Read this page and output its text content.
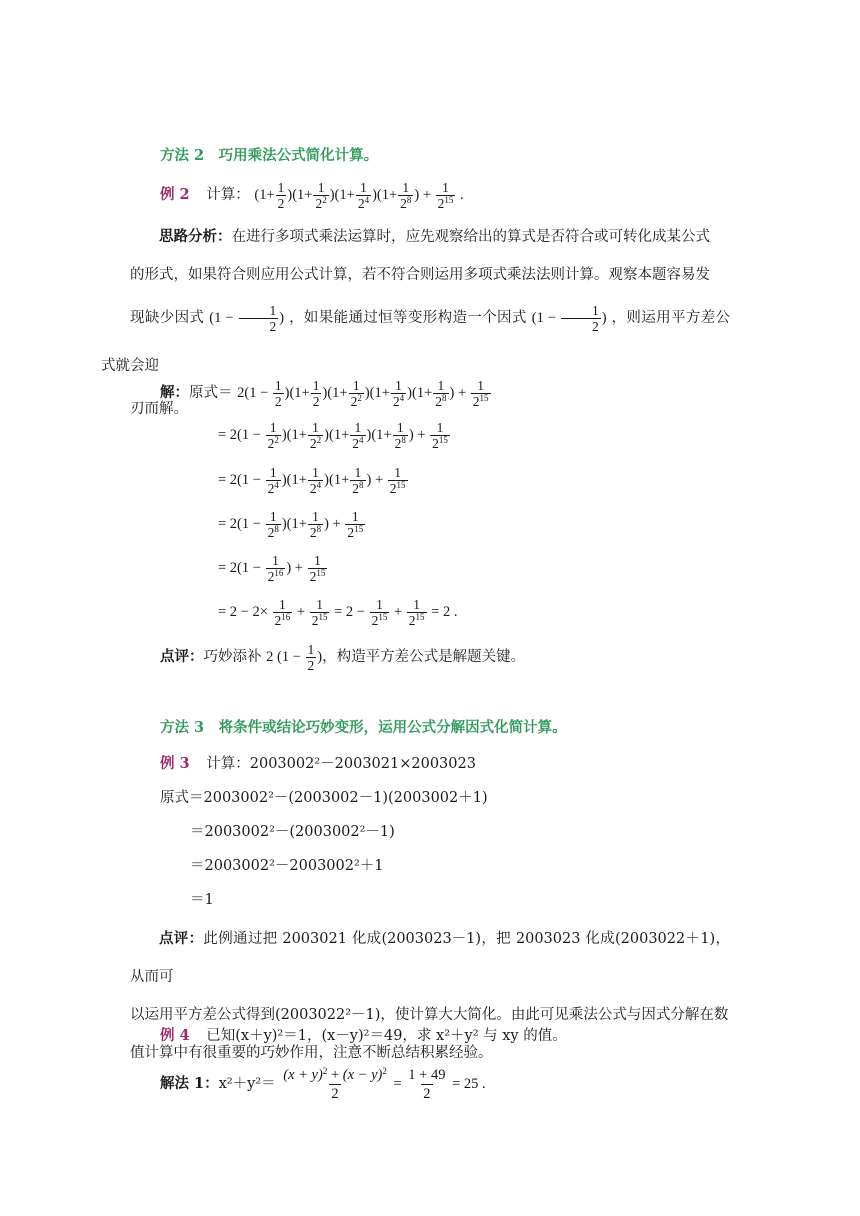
方法 2　巧用乘法公式简化计算。
例 2 计算： $(1+ \frac{1}{2} )(1+ \frac{1}{2^2} )(1+ \frac{1}{2^4} )(1+ \frac{1}{2^8}$ ) + $\frac{1}{2^{15}}$ .
思路分析：在进行多项式乘法运算时，应先观察给出的算式是否符合或可转化成某公式
的形式，如果符合则应用公式计算，若不符合则运用多项式乘法法则计算。观察本题容易发
现缺少因式 ($1 - \frac{1}{2}$ ) ，如果能通过恒等变形构造一个因式 ($1 - \frac{1}{2}$ ) ，则运用平方差公式就会迎
刃而解。
解：原式＝ $2(1 - \frac{1}{2} )(1+ \frac{1}{2} )(1+ \frac{1}{2^2} )(1+ \frac{1}{2^4} )(1+ \frac{1}{2^8}$ ) + $\frac{1}{2^{15}}$
= $2(1 - \frac{1}{2^2} )(1+ \frac{1}{2^2} )(1+ \frac{1}{2^4} )(1+ \frac{1}{2^8}$ ) + $\frac{1}{2^{15}}$
= $2(1 - \frac{1}{2^4} )(1+ \frac{1}{2^4} )(1+ \frac{1}{2^8}$ ) + $\frac{1}{2^{15}}$
= $2(1 - \frac{1}{2^8} )(1+ \frac{1}{2^8}$ ) + $\frac{1}{2^{15}}$
= $2(1 - \frac{1}{2^{16}}$ ) + $\frac{1}{2^{15}}$
= $2 - 2\times \frac{1}{2^{16}} + \frac{1}{2^{15}} = 2 - \frac{1}{2^{15}} + \frac{1}{2^{15}} = 2$ .
点评：巧妙添补 2 ($1 - \frac{1}{2}$ )，构造平方差公式是解题关键。
方法 3　将条件或结论巧妙变形，运用公式分解因式化简计算。
例 3 计算：2003002²－2003021×2003023
原式＝2003002²－(2003002－1)(2003002＋1)
＝2003002²－(2003002²－1)
＝2003002²－2003002²＋1
＝1
点评：此例通过把 2003021 化成(2003023－1)，把 2003023 化成(2003022＋1)，从而可
以运用平方差公式得到(2003022²－1)，使计算大大简化。由此可见乘法公式与因式分解在数
值计算中有很重要的巧妙作用，注意不断总结积累经验。
例 4 已知(x＋y)²＝1，(x－y)²＝49，求 x²＋y² 与 xy 的值。
解法 1：$x^2+y^2= \frac{(x + y)^2 + (x - y)^2}{2} = \frac{1 + 49}{2} = 25$ .
